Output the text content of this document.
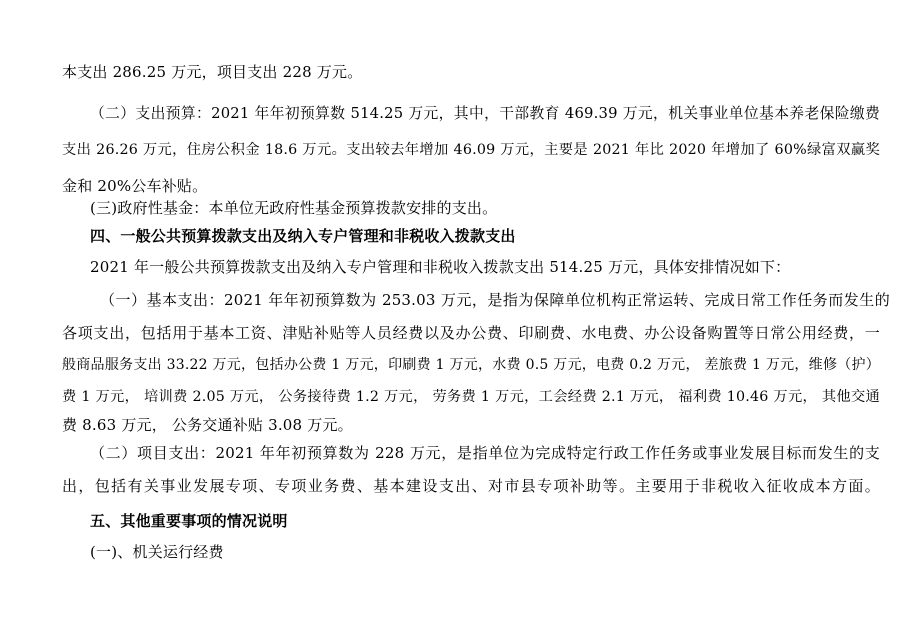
本支出 286.25 万元，项目支出 228 万元。
（二）支出预算：2021 年年初预算数 514.25 万元，其中，干部教育 469.39 万元，机关事业单位基本养老保险缴费
支出 26.26 万元，住房公积金 18.6 万元。支出较去年增加 46.09 万元，主要是 2021 年比 2020 年增加了 60%绿富双赢奖
金和 20%公车补贴。
(三)政府性基金：本单位无政府性基金预算拨款安排的支出。
四、一般公共预算拨款支出及纳入专户管理和非税收入拨款支出
2021 年一般公共预算拨款支出及纳入专户管理和非税收入拨款支出 514.25 万元，具体安排情况如下：
（一）基本支出：2021 年年初预算数为 253.03 万元，是指为保障单位机构正常运转、完成日常工作任务而发生的
各项支出，包括用于基本工资、津贴补贴等人员经费以及办公费、印刷费、水电费、办公设备购置等日常公用经费，一
般商品服务支出 33.22 万元，包括办公费 1 万元，印刷费 1 万元，水费 0.5 万元，电费 0.2 万元， 差旅费 1 万元，维修（护）
费 1 万元， 培训费 2.05 万元， 公务接待费 1.2 万元， 劳务费 1 万元，工会经费 2.1 万元， 福利费 10.46 万元， 其他交通
费 8.63 万元， 公务交通补贴 3.08 万元。
（二）项目支出：2021 年年初预算数为 228 万元，是指单位为完成特定行政工作任务或事业发展目标而发生的支
出，包括有关事业发展专项、专项业务费、基本建设支出、对市县专项补助等。主要用于非税收入征收成本方面。
五、其他重要事项的情况说明
(一)、机关运行经费
